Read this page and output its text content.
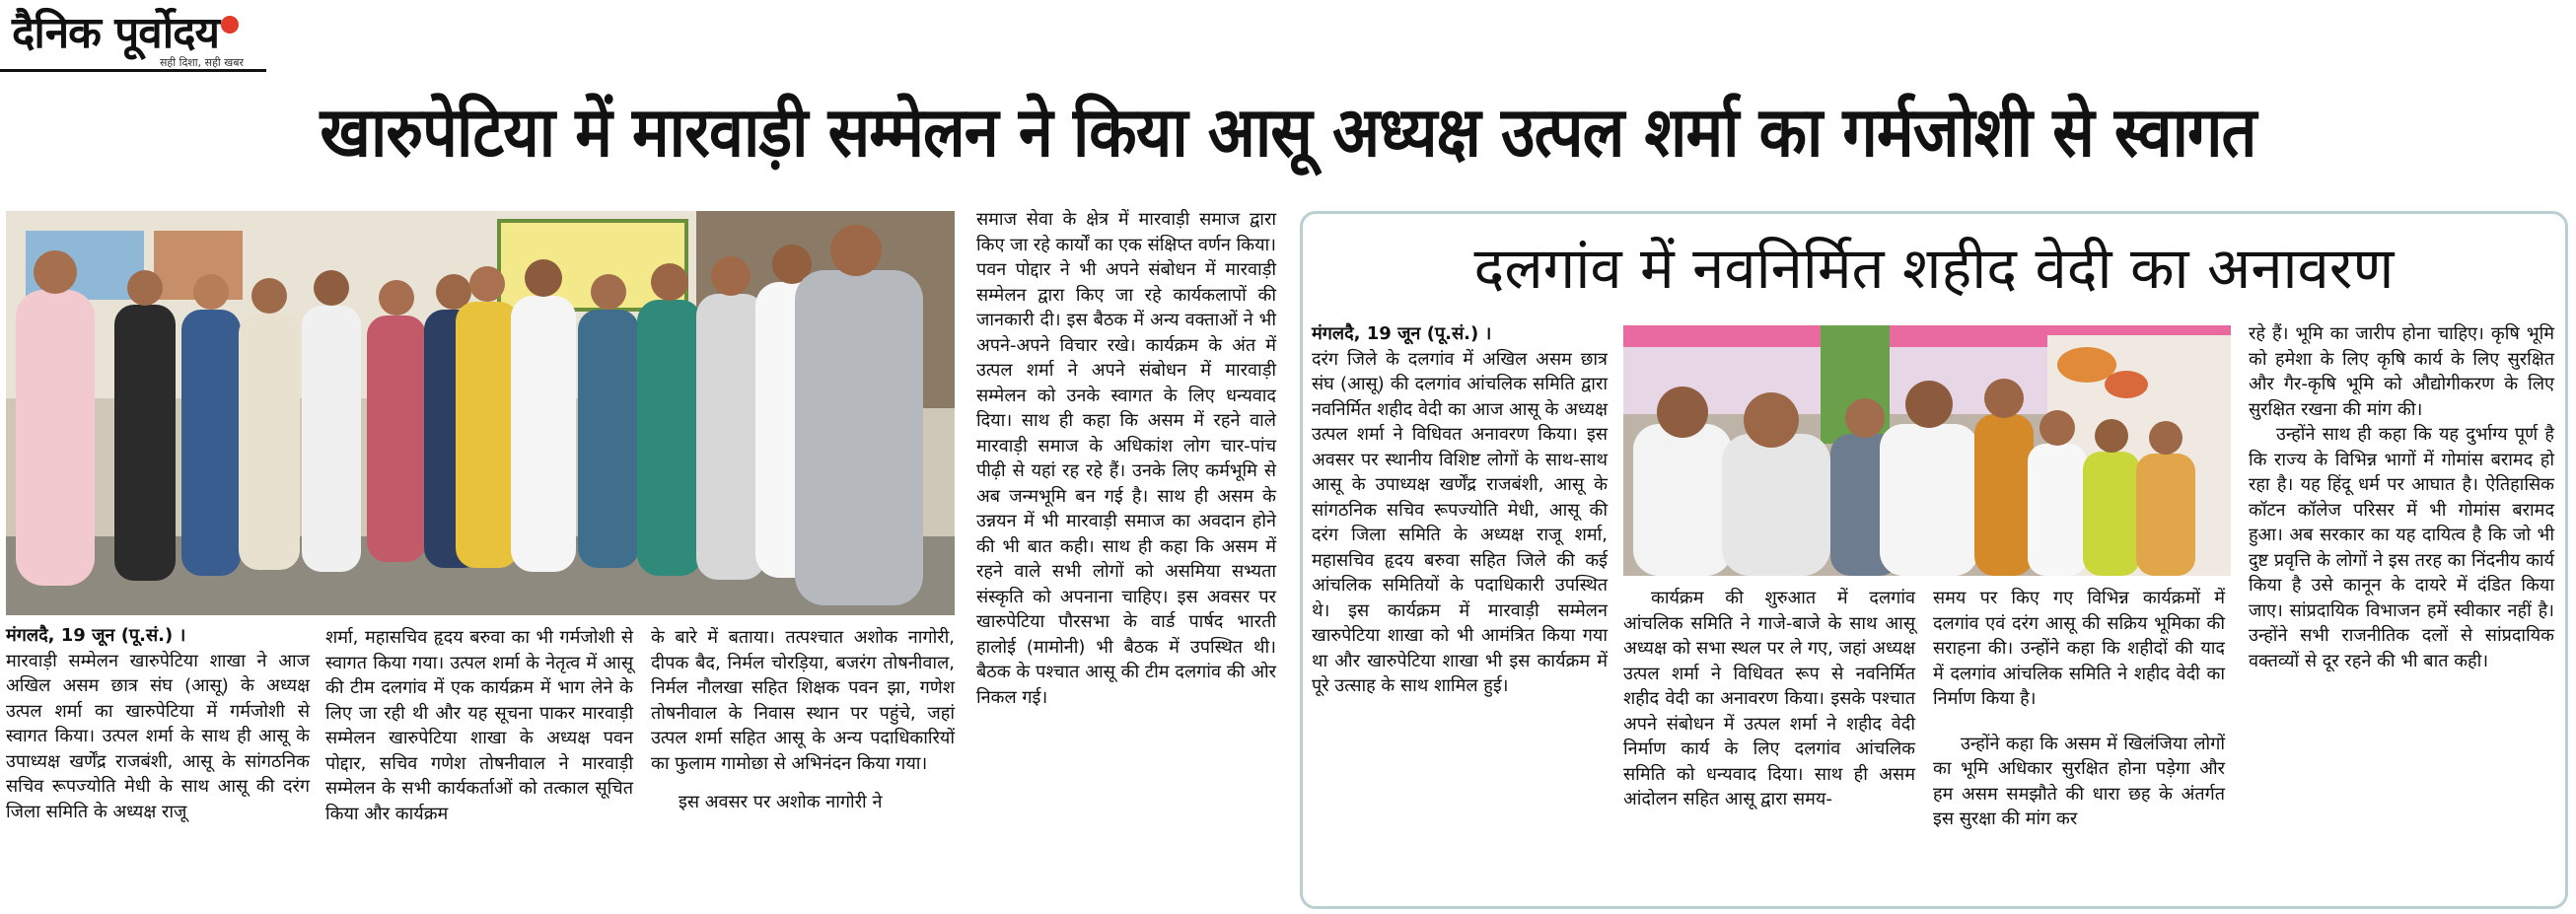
दैनिक पूर्वोदय
सही दिशा, सही खबर
खारुपेटिया में मारवाड़ी सम्मेलन ने किया आसू अध्यक्ष उत्पल शर्मा का गर्मजोशी से स्वागत

मंगलदै, 19 जून (पू.सं.) ।

मारवाड़ी सम्मेलन खारुपेटिया शाखा ने आज अखिल असम छात्र संघ (आसू) के अध्यक्ष उत्पल शर्मा का खारुपेटिया में गर्मजोशी से स्वागत किया। उत्पल शर्मा के साथ ही आसू के उपाध्यक्ष खर्णेंद्र राजबंशी, आसू के सांगठनिक सचिव रूपज्योति मेधी के साथ आसू की दरंग जिला समिति के अध्यक्ष राजू

शर्मा, महासचिव हृदय बरुवा का भी गर्मजोशी से स्वागत किया गया। उत्पल शर्मा के नेतृत्व में आसू की टीम दलगांव में एक कार्यक्रम में भाग लेने के लिए जा रही थी और यह सूचना पाकर मारवाड़ी सम्मेलन खारुपेटिया शाखा के अध्यक्ष पवन पोद्दार, सचिव गणेश तोषनीवाल ने मारवाड़ी सम्मेलन के सभी कार्यकर्ताओं को तत्काल सूचित किया और कार्यक्रम

के बारे में बताया। तत्पश्चात अशोक नागोरी, दीपक बैद, निर्मल चोरड़िया, बजरंग तोषनीवाल, निर्मल नौलखा सहित शिक्षक पवन झा, गणेश तोषनीवाल के निवास स्थान पर पहुंचे, जहां उत्पल शर्मा सहित आसू के अन्य पदाधिकारियों का फुलाम गामोछा से अभिनंदन किया गया।

इस अवसर पर अशोक नागोरी ने

समाज सेवा के क्षेत्र में मारवाड़ी समाज द्वारा किए जा रहे कार्यों का एक संक्षिप्त वर्णन किया। पवन पोद्दार ने भी अपने संबोधन में मारवाड़ी सम्मेलन द्वारा किए जा रहे कार्यकलापों की जानकारी दी। इस बैठक में अन्य वक्ताओं ने भी अपने-अपने विचार रखे। कार्यक्रम के अंत में उत्पल शर्मा ने अपने संबोधन में मारवाड़ी सम्मेलन को उनके स्वागत के लिए धन्यवाद दिया। साथ ही कहा कि असम में रहने वाले मारवाड़ी समाज के अधिकांश लोग चार-पांच पीढ़ी से यहां रह रहे हैं। उनके लिए कर्मभूमि से अब जन्मभूमि बन गई है। साथ ही असम के उन्नयन में भी मारवाड़ी समाज का अवदान होने की भी बात कही। साथ ही कहा कि असम में रहने वाले सभी लोगों को असमिया सभ्यता संस्कृति को अपनाना चाहिए। इस अवसर पर खारुपेटिया पौरसभा के वार्ड पार्षद भारती हालोई (मामोनी) भी बैठक में उपस्थित थी। बैठक के पश्चात आसू की टीम दलगांव की ओर निकल गई।

दलगांव में नवनिर्मित शहीद वेदी का अनावरण

मंगलदै, 19 जून (पू.सं.) ।

दरंग जिले के दलगांव में अखिल असम छात्र संघ (आसू) की दलगांव आंचलिक समिति द्वारा नवनिर्मित शहीद वेदी का आज आसू के अध्यक्ष उत्पल शर्मा ने विधिवत अनावरण किया। इस अवसर पर स्थानीय विशिष्ट लोगों के साथ-साथ आसू के उपाध्यक्ष खर्णेंद्र राजबंशी, आसू के सांगठनिक सचिव रूपज्योति मेधी, आसू की दरंग जिला समिति के अध्यक्ष राजू शर्मा, महासचिव हृदय बरुवा सहित जिले की कई आंचलिक समितियों के पदाधिकारी उपस्थित थे। इस कार्यक्रम में मारवाड़ी सम्मेलन खारुपेटिया शाखा को भी आमंत्रित किया गया था और खारुपेटिया शाखा भी इस कार्यक्रम में पूरे उत्साह के साथ शामिल हुई।

कार्यक्रम की शुरुआत में दलगांव आंचलिक समिति ने गाजे-बाजे के साथ आसू अध्यक्ष को सभा स्थल पर ले गए, जहां अध्यक्ष उत्पल शर्मा ने विधिवत रूप से नवनिर्मित शहीद वेदी का अनावरण किया। इसके पश्चात अपने संबोधन में उत्पल शर्मा ने शहीद वेदी निर्माण कार्य के लिए दलगांव आंचलिक समिति को धन्यवाद दिया। साथ ही असम आंदोलन सहित आसू द्वारा समय-

समय पर किए गए विभिन्न कार्यक्रमों में दलगांव एवं दरंग आसू की सक्रिय भूमिका की सराहना की। उन्होंने कहा कि शहीदों की याद में दलगांव आंचलिक समिति ने शहीद वेदी का निर्माण किया है।

उन्होंने कहा कि असम में खिलंजिया लोगों का भूमि अधिकार सुरक्षित होना पड़ेगा और हम असम समझौते की धारा छह के अंतर्गत इस सुरक्षा की मांग कर

रहे हैं। भूमि का जारीप होना चाहिए। कृषि भूमि को हमेशा के लिए कृषि कार्य के लिए सुरक्षित और गैर-कृषि भूमि को औद्योगीकरण के लिए सुरक्षित रखना की मांग की।

उन्होंने साथ ही कहा कि यह दुर्भाग्य पूर्ण है कि राज्य के विभिन्न भागों में गोमांस बरामद हो रहा है। यह हिंदू धर्म पर आघात है। ऐतिहासिक कॉटन कॉलेज परिसर में भी गोमांस बरामद हुआ। अब सरकार का यह दायित्व है कि जो भी दुष्ट प्रवृत्ति के लोगों ने इस तरह का निंदनीय कार्य किया है उसे कानून के दायरे में दंडित किया जाए। सांप्रदायिक विभाजन हमें स्वीकार नहीं है। उन्होंने सभी राजनीतिक दलों से सांप्रदायिक वक्तव्यों से दूर रहने की भी बात कही।
